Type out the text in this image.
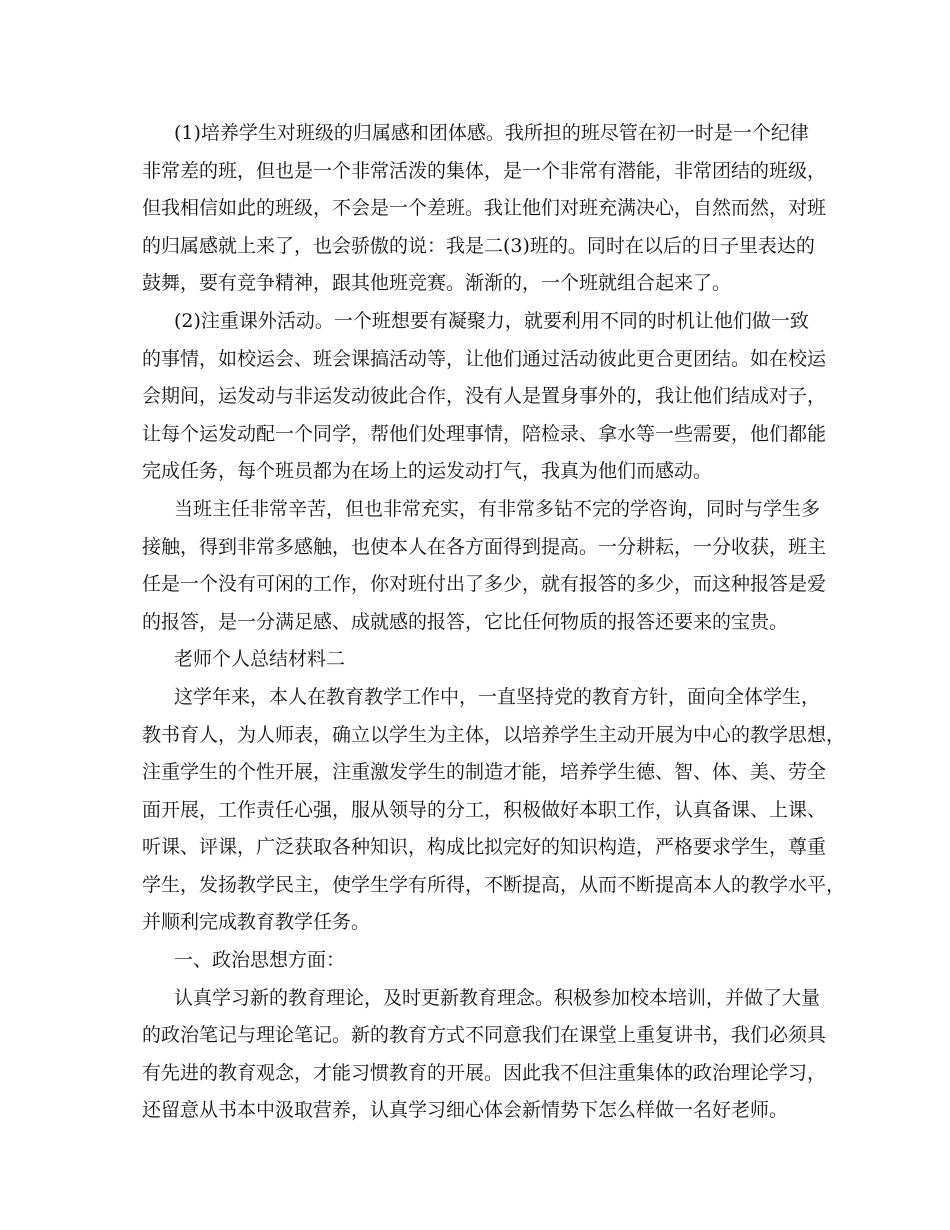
(1)培养学生对班级的归属感和团体感。我所担的班尽管在初一时是一个纪律
非常差的班，但也是一个非常活泼的集体，是一个非常有潜能，非常团结的班级，
但我相信如此的班级，不会是一个差班。我让他们对班充满决心，自然而然，对班
的归属感就上来了，也会骄傲的说：我是二(3)班的。同时在以后的日子里表达的
鼓舞，要有竞争精神，跟其他班竞赛。渐渐的，一个班就组合起来了。

(2)注重课外活动。一个班想要有凝聚力，就要利用不同的时机让他们做一致
的事情，如校运会、班会课搞活动等，让他们通过活动彼此更合更团结。如在校运
会期间，运发动与非运发动彼此合作，没有人是置身事外的，我让他们结成对子，
让每个运发动配一个同学，帮他们处理事情，陪检录、拿水等一些需要，他们都能
完成任务，每个班员都为在场上的运发动打气，我真为他们而感动。

当班主任非常辛苦，但也非常充实，有非常多钻不完的学咨询，同时与学生多
接触，得到非常多感触，也使本人在各方面得到提高。一分耕耘，一分收获，班主
任是一个没有可闲的工作，你对班付出了多少，就有报答的多少，而这种报答是爱
的报答，是一分满足感、成就感的报答，它比任何物质的报答还要来的宝贵。

老师个人总结材料二

这学年来，本人在教育教学工作中，一直坚持党的教育方针，面向全体学生，
教书育人，为人师表，确立以学生为主体，以培养学生主动开展为中心的教学思想，
注重学生的个性开展，注重激发学生的制造才能，培养学生德、智、体、美、劳全
面开展，工作责任心强，服从领导的分工，积极做好本职工作，认真备课、上课、
听课、评课，广泛获取各种知识，构成比拟完好的知识构造，严格要求学生，尊重
学生，发扬教学民主，使学生学有所得，不断提高，从而不断提高本人的教学水平，
并顺利完成教育教学任务。

一、政治思想方面：

认真学习新的教育理论，及时更新教育理念。积极参加校本培训，并做了大量
的政治笔记与理论笔记。新的教育方式不同意我们在课堂上重复讲书，我们必须具
有先进的教育观念，才能习惯教育的开展。因此我不但注重集体的政治理论学习，
还留意从书本中汲取营养，认真学习细心体会新情势下怎么样做一名好老师。
